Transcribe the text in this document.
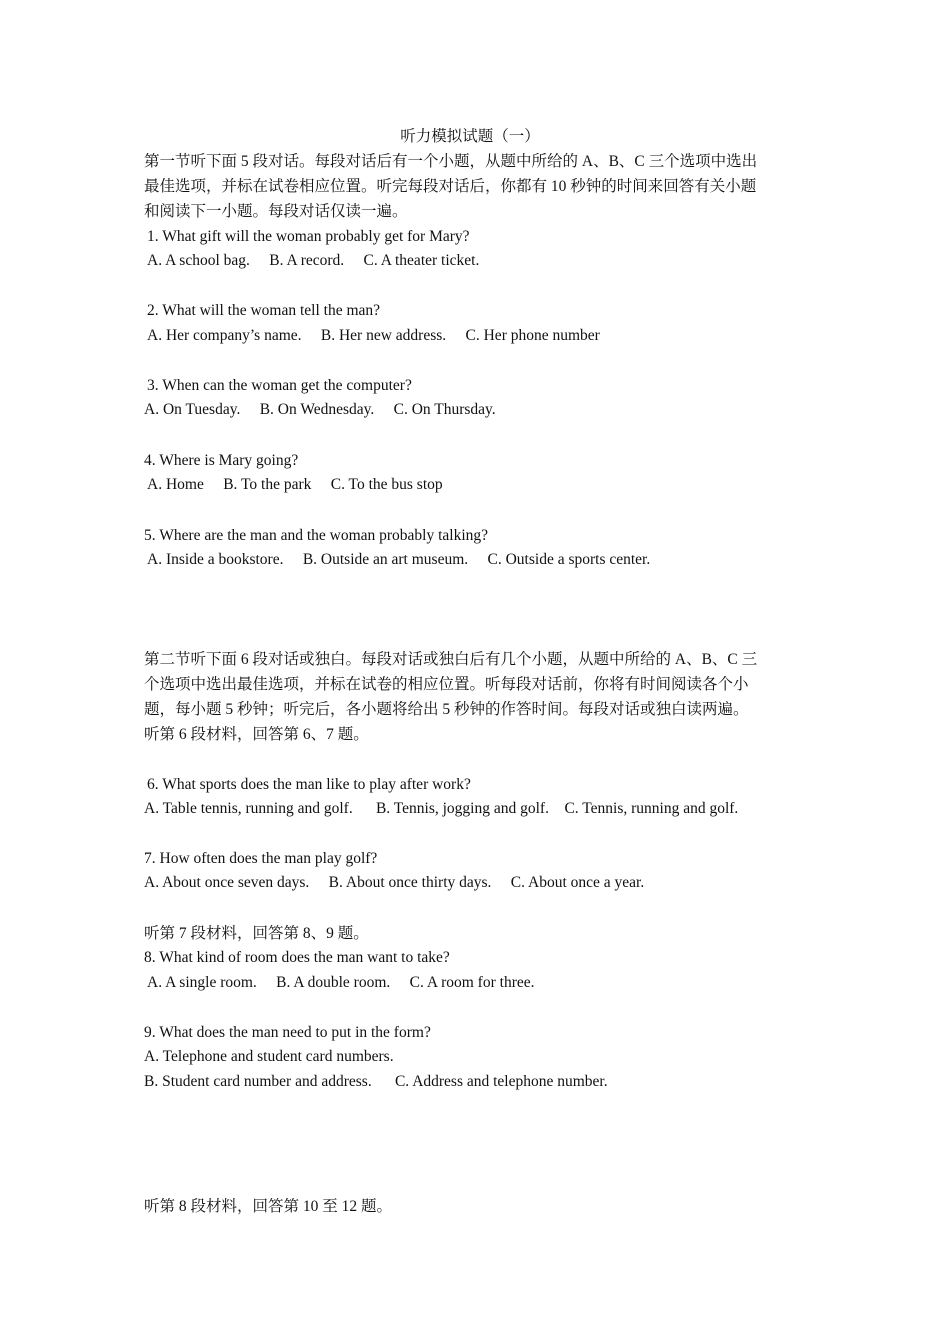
听力模拟试题（一）
第一节听下面 5 段对话。每段对话后有一个小题，从题中所给的 A、B、C 三个选项中选出
最佳选项，并标在试卷相应位置。听完每段对话后，你都有 10 秒钟的时间来回答有关小题
和阅读下一小题。每段对话仅读一遍。
1. What gift will the woman probably get for Mary?
A. A school bag.     B. A record.     C. A theater ticket.
2. What will the woman tell the man?
A. Her company’s name.     B. Her new address.     C. Her phone number
3. When can the woman get the computer?
A. On Tuesday.     B. On Wednesday.     C. On Thursday.
4. Where is Mary going?
A. Home     B. To the park     C. To the bus stop
5. Where are the man and the woman probably talking?
A. Inside a bookstore.     B. Outside an art museum.     C. Outside a sports center.
第二节听下面 6 段对话或独白。每段对话或独白后有几个小题，从题中所给的 A、B、C 三
个选项中选出最佳选项，并标在试卷的相应位置。听每段对话前，你将有时间阅读各个小
题，每小题 5 秒钟；听完后，各小题将给出 5 秒钟的作答时间。每段对话或独白读两遍。
听第 6 段材料，回答第 6、7 题。
6. What sports does the man like to play after work?
A. Table tennis, running and golf.      B. Tennis, jogging and golf.    C. Tennis, running and golf.
7. How often does the man play golf?
A. About once seven days.     B. About once thirty days.     C. About once a year.
听第 7 段材料，回答第 8、9 题。
8. What kind of room does the man want to take?
A. A single room.     B. A double room.     C. A room for three.
9. What does the man need to put in the form?
A. Telephone and student card numbers.
B. Student card number and address.      C. Address and telephone number.
听第 8 段材料，回答第 10 至 12 题。
